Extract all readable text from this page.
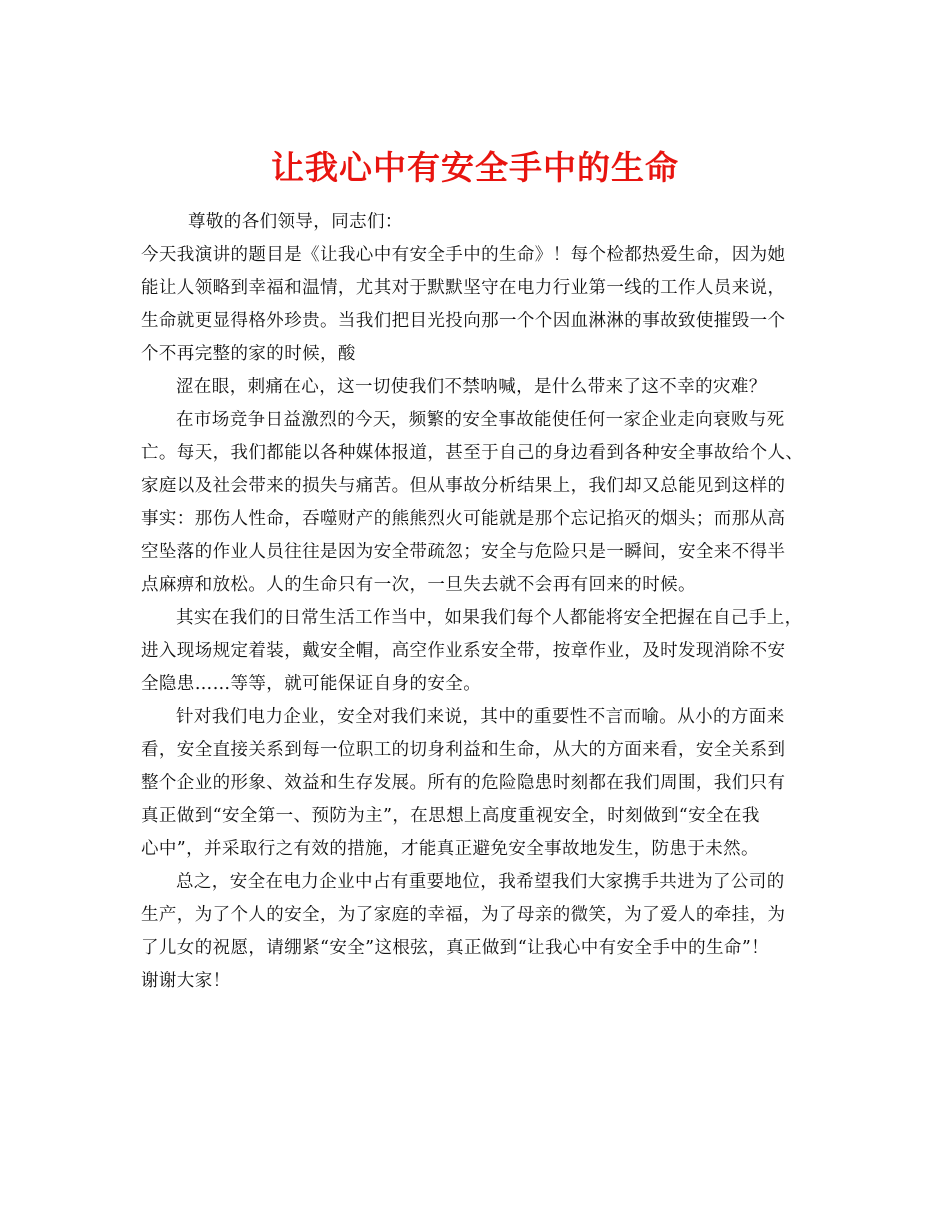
让我心中有安全手中的生命
尊敬的各们领导，同志们：
今天我演讲的题目是《让我心中有安全手中的生命》！每个检都热爱生命，因为她
能让人领略到幸福和温情，尤其对于默默坚守在电力行业第一线的工作人员来说，
生命就更显得格外珍贵。当我们把目光投向那一个个因血淋淋的事故致使摧毁一个
个不再完整的家的时候，酸
涩在眼，刺痛在心，这一切使我们不禁呐喊，是什么带来了这不幸的灾难？
在市场竞争日益激烈的今天，频繁的安全事故能使任何一家企业走向衰败与死
亡。每天，我们都能以各种媒体报道，甚至于自己的身边看到各种安全事故给个人、
家庭以及社会带来的损失与痛苦。但从事故分析结果上，我们却又总能见到这样的
事实：那伤人性命，吞噬财产的熊熊烈火可能就是那个忘记掐灭的烟头；而那从高
空坠落的作业人员往往是因为安全带疏忽；安全与危险只是一瞬间，安全来不得半
点麻痹和放松。人的生命只有一次，一旦失去就不会再有回来的时候。
其实在我们的日常生活工作当中，如果我们每个人都能将安全把握在自己手上，
进入现场规定着装，戴安全帽，高空作业系安全带，按章作业，及时发现消除不安
全隐患……等等，就可能保证自身的安全。
针对我们电力企业，安全对我们来说，其中的重要性不言而喻。从小的方面来
看，安全直接关系到每一位职工的切身利益和生命，从大的方面来看，安全关系到
整个企业的形象、效益和生存发展。所有的危险隐患时刻都在我们周围，我们只有
真正做到“安全第一、预防为主”，在思想上高度重视安全，时刻做到“安全在我
心中”，并采取行之有效的措施，才能真正避免安全事故地发生，防患于未然。
总之，安全在电力企业中占有重要地位，我希望我们大家携手共进为了公司的
生产，为了个人的安全，为了家庭的幸福，为了母亲的微笑，为了爱人的牵挂，为
了儿女的祝愿，请绷紧“安全”这根弦，真正做到“让我心中有安全手中的生命”！
谢谢大家！
